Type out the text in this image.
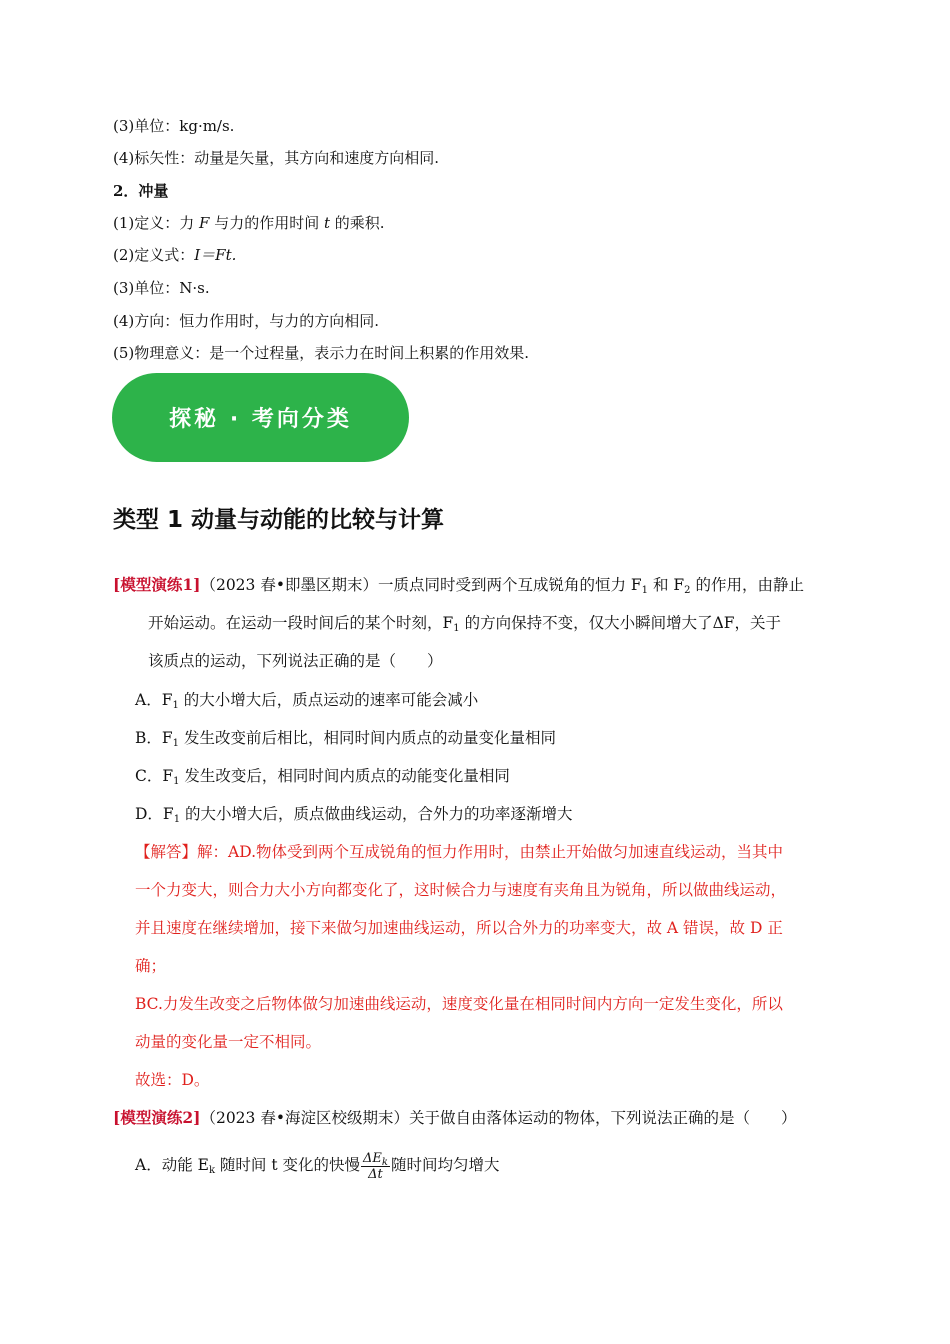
(3)单位：kg·m/s.
(4)标矢性：动量是矢量，其方向和速度方向相同.
2．冲量
(1)定义：力 F 与力的作用时间 t 的乘积.
(2)定义式：I＝Ft.
(3)单位：N·s.
(4)方向：恒力作用时，与力的方向相同.
(5)物理意义：是一个过程量，表示力在时间上积累的作用效果.
探秘 · 考向分类
类型 1 动量与动能的比较与计算
[模型演练1]（2023 春•即墨区期末）一质点同时受到两个互成锐角的恒力 $F_1$ 和 $F_2$ 的作用，由静止
开始运动。在运动一段时间后的某个时刻，$F_1$ 的方向保持不变，仅大小瞬间增大了ΔF，关于
该质点的运动，下列说法正确的是（　　）
A．$F_1$ 的大小增大后，质点运动的速率可能会减小
B．$F_1$ 发生改变前后相比，相同时间内质点的动量变化量相同
C．$F_1$ 发生改变后，相同时间内质点的动能变化量相同
D．$F_1$ 的大小增大后，质点做曲线运动，合外力的功率逐渐增大
【解答】解：AD.物体受到两个互成锐角的恒力作用时，由禁止开始做匀加速直线运动，当其中
一个力变大，则合力大小方向都变化了，这时候合力与速度有夹角且为锐角，所以做曲线运动，
并且速度在继续增加，接下来做匀加速曲线运动，所以合外力的功率变大，故 A 错误，故 D 正
确；
BC.力发生改变之后物体做匀加速曲线运动，速度变化量在相同时间内方向一定发生变化，所以
动量的变化量一定不相同。
故选：D。
[模型演练2]（2023 春•海淀区校级期末）关于做自由落体运动的物体，下列说法正确的是（　　）
A．动能 $E_k$ 随时间 t 变化的快慢 $\frac{\Delta E_k}{\Delta t}$ 随时间均匀增大
